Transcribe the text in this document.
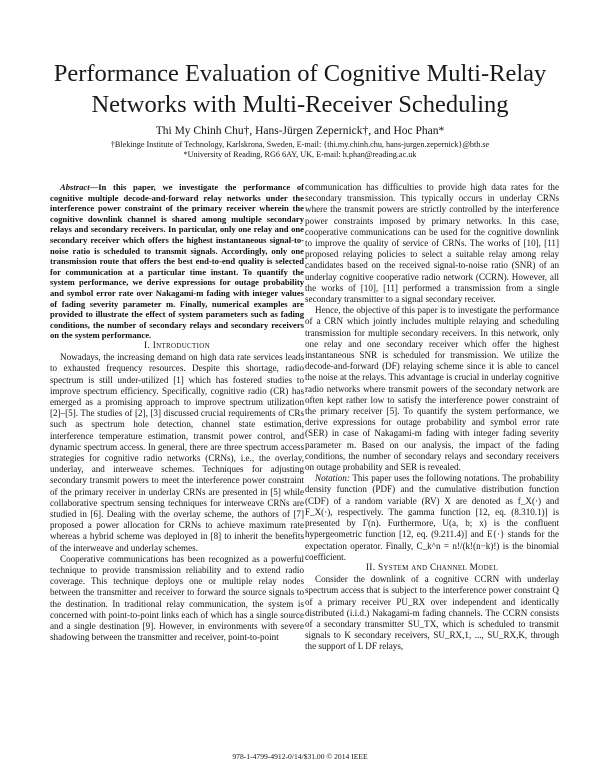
Performance Evaluation of Cognitive Multi-Relay
Networks with Multi-Receiver Scheduling
Thi My Chinh Chu†, Hans-Jürgen Zepernick†, and Hoc Phan*
†Blekinge Institute of Technology, Karlskrona, Sweden, E-mail: {thi.my.chinh.chu, hans-jurgen.zepernick}@bth.se
*University of Reading, RG6 6AY, UK, E-mail: h.phan@reading.ac.uk

Abstract—In this paper, we investigate the performance of cognitive multiple decode-and-forward relay networks under the interference power constraint of the primary receiver wherein the cognitive downlink channel is shared among multiple secondary relays and secondary receivers. In particular, only one relay and one secondary receiver which offers the highest instantaneous signal-to-noise ratio is scheduled to transmit signals. Accordingly, only one transmission route that offers the best end-to-end quality is selected for communication at a particular time instant. To quantify the system performance, we derive expressions for outage probability and symbol error rate over Nakagami-m fading with integer values of fading severity parameter m. Finally, numerical examples are provided to illustrate the effect of system parameters such as fading conditions, the number of secondary relays and secondary receivers on the system performance.

I. Introduction

Nowadays, the increasing demand on high data rate services leads to exhausted frequency resources. Despite this shortage, radio spectrum is still under-utilized [1] which has fostered studies to improve spectrum efficiency. Specifically, cognitive radio (CR) has emerged as a promising approach to improve spectrum utilization [2]–[5]. The studies of [2], [3] discussed crucial requirements of CRs such as spectrum hole detection, channel state estimation, interference temperature estimation, transmit power control, and dynamic spectrum access. In general, there are three spectrum access strategies for cognitive radio networks (CRNs), i.e., the overlay, underlay, and interweave schemes. Techniques for adjusting secondary transmit powers to meet the interference power constraint of the primary receiver in underlay CRNs are presented in [5] while collaborative spectrum sensing techniques for interweave CRNs are studied in [6]. Dealing with the overlay scheme, the authors of [7] proposed a power allocation for CRNs to achieve maximum rate whereas a hybrid scheme was deployed in [8] to inherit the benefits of the interweave and underlay schemes.

Cooperative communications has been recognized as a powerful technique to provide transmission reliability and to extend radio coverage. This technique deploys one or multiple relay nodes between the transmitter and receiver to forward the source signals to the destination. In traditional relay communication, the system is concerned with point-to-point links each of which has a single source and a single destination [9]. However, in environments with severe shadowing between the transmitter and receiver, point-to-point

communication has difficulties to provide high data rates for the secondary transmission. This typically occurs in underlay CRNs where the transmit powers are strictly controlled by the interference power constraints imposed by primary networks. In this case, cooperative communications can be used for the cognitive downlink to improve the quality of service of CRNs. The works of [10], [11] proposed relaying policies to select a suitable relay among relay candidates based on the received signal-to-noise ratio (SNR) of an underlay cognitive cooperative radio network (CCRN). However, all the works of [10], [11] performed a transmission from a single secondary transmitter to a signal secondary receiver.

Hence, the objective of this paper is to investigate the performance of a CRN which jointly includes multiple relaying and scheduling transmission for multiple secondary receivers. In this network, only one relay and one secondary receiver which offer the highest instantaneous SNR is scheduled for transmission. We utilize the decode-and-forward (DF) relaying scheme since it is able to cancel the noise at the relays. This advantage is crucial in underlay cognitive radio networks where transmit powers of the secondary network are often kept rather low to satisfy the interference power constraint of the primary receiver [5]. To quantify the system performance, we derive expressions for outage probability and symbol error rate (SER) in case of Nakagami-m fading with integer fading severity parameter m. Based on our analysis, the impact of the fading conditions, the number of secondary relays and secondary receivers on outage probability and SER is revealed.

Notation: This paper uses the following notations. The probability density function (PDF) and the cumulative distribution function (CDF) of a random variable (RV) X are denoted as f_X(·) and F_X(·), respectively. The gamma function [12, eq. (8.310.1)] is presented by Γ(n). Furthermore, U(a, b; x) is the confluent hypergeometric function [12, eq. (9.211.4)] and E{·} stands for the expectation operator. Finally, C_k^n = n!/(k!(n−k)!) is the binomial coefficient.

II. System and Channel Model

Consider the downlink of a cognitive CCRN with underlay spectrum access that is subject to the interference power constraint Q of a primary receiver PU_RX over independent and identically distributed (i.i.d.) Nakagami-m fading channels. The CCRN consists of a secondary transmitter SU_TX, which is scheduled to transmit signals to K secondary receivers, SU_RX,1, ..., SU_RX,K, through the support of L DF relays,

978-1-4799-4912-0/14/$31.00 © 2014 IEEE
